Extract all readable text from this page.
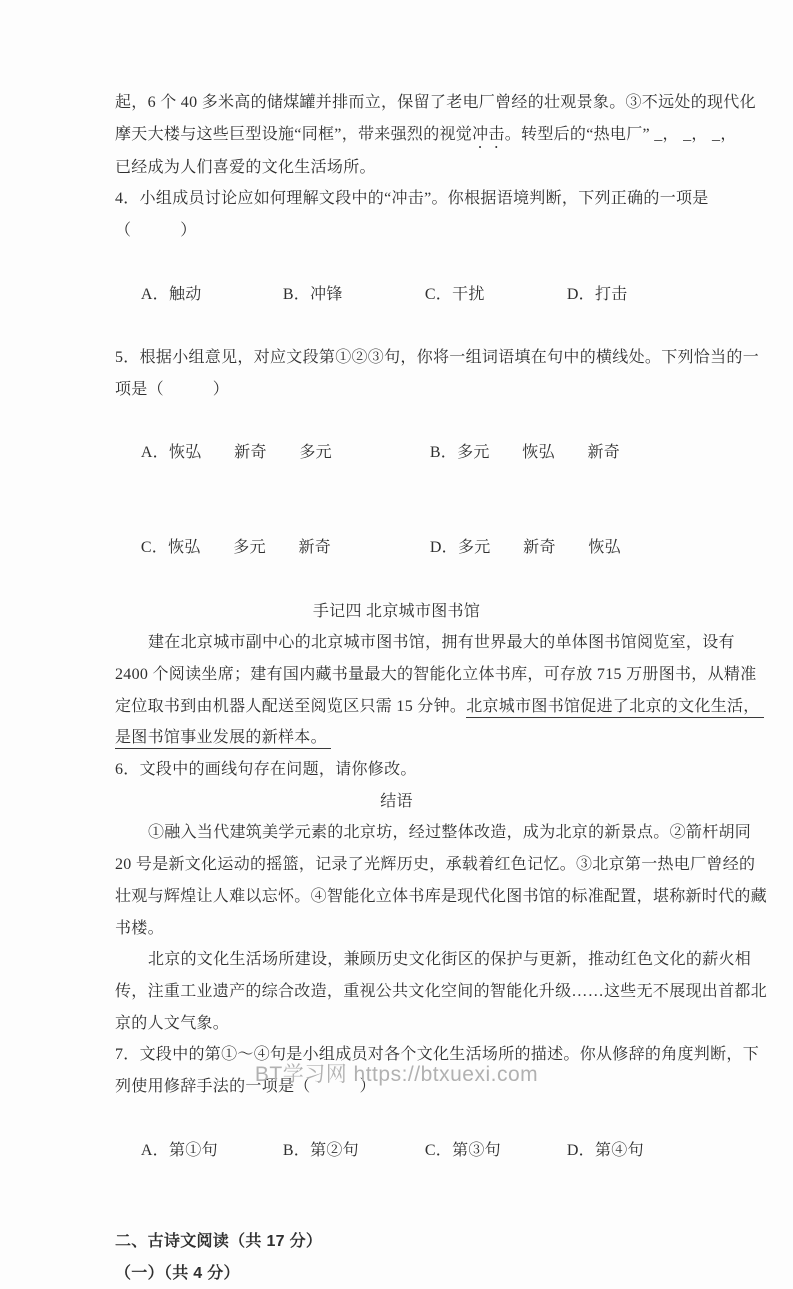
起，6 个 40 多米高的储煤罐并排而立，保留了老电厂曾经的壮观景象。③不远处的现代化
摩天大楼与这些巨型设施“同框”，带来强烈的视觉冲击。转型后的“热电厂” _， _， _，
已经成为人们喜爱的文化生活场所。
4．小组成员讨论应如何理解文段中的“冲击”。你根据语境判断，下列正确的一项是
（　　　）

A．触动	B．冲锋	C．干扰	D．打击

5．根据小组意见，对应文段第①②③句，你将一组词语填在句中的横线处。下列恰当的一
项是（　　　）

A．恢弘　　新奇　　多元	B．多元　　恢弘　　新奇

C．恢弘　　多元　　新奇	D．多元　　新奇　　恢弘

手记四 北京城市图书馆
建在北京城市副中心的北京城市图书馆，拥有世界最大的单体图书馆阅览室，设有
2400 个阅读坐席；建有国内藏书量最大的智能化立体书库，可存放 715 万册图书，从精准
定位取书到由机器人配送至阅览区只需 15 分钟。北京城市图书馆促进了北京的文化生活，
是图书馆事业发展的新样本。
6．文段中的画线句存在问题，请你修改。
结语
①融入当代建筑美学元素的北京坊，经过整体改造，成为北京的新景点。②箭杆胡同
20 号是新文化运动的摇篮，记录了光辉历史，承载着红色记忆。③北京第一热电厂曾经的
壮观与辉煌让人难以忘怀。④智能化立体书库是现代化图书馆的标准配置，堪称新时代的藏
书楼。
北京的文化生活场所建设，兼顾历史文化街区的保护与更新，推动红色文化的薪火相
传，注重工业遗产的综合改造，重视公共文化空间的智能化升级……这些无不展现出首都北
京的人文气象。
7．文段中的第①～④句是小组成员对各个文化生活场所的描述。你从修辞的角度判断，下
列使用修辞手法的一项是（　　　）

A．第①句	B．第②句	C．第③句	D．第④句

二、古诗文阅读（共 17 分）
（一）（共 4 分）
BT学习网 https://btxuexi.com
